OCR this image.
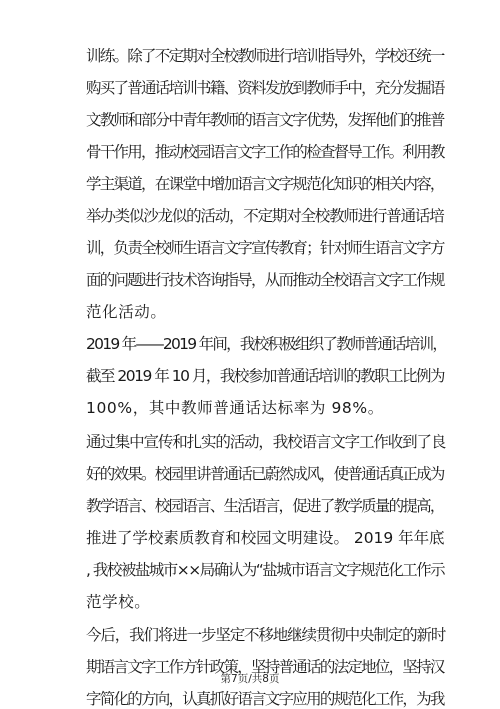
训练。除了不定期对全校教师进行培训指导外，学校还统一
购买了普通话培训书籍、资料发放到教师手中，充分发掘语
文教师和部分中青年教师的语言文字优势，发挥他们的推普
骨干作用，推动校园语言文字工作的检查督导工作。利用教
学主渠道，在课堂中增加语言文字规范化知识的相关内容，
举办类似沙龙似的活动，不定期对全校教师进行普通话培
训，负责全校师生语言文字宣传教育；针对师生语言文字方
面的问题进行技术咨询指导，从而推动全校语言文字工作规
范化活动。
2019 年——2019 年间，我校积极组织了教师普通话培训，
截至 2019 年 10 月，我校参加普通话培训的教职工比例为
100%，其中教师普通话达标率为 98%。
通过集中宣传和扎实的活动，我校语言文字工作收到了良
好的效果。校园里讲普通话已蔚然成风，使普通话真正成为
教学语言、校园语言、生活语言，促进了教学质量的提高，
推进了学校素质教育和校园文明建设。 2019 年年底
, 我校被盐城市××局确认为“盐城市语言文字规范化工作示
范学校。
今后，我们将进一步坚定不移地继续贯彻中央制定的新时
期语言文字工作方针政策，坚持普通话的法定地位，坚持汉
字简化的方向，认真抓好语言文字应用的规范化工作，为我
第7页/共8页
